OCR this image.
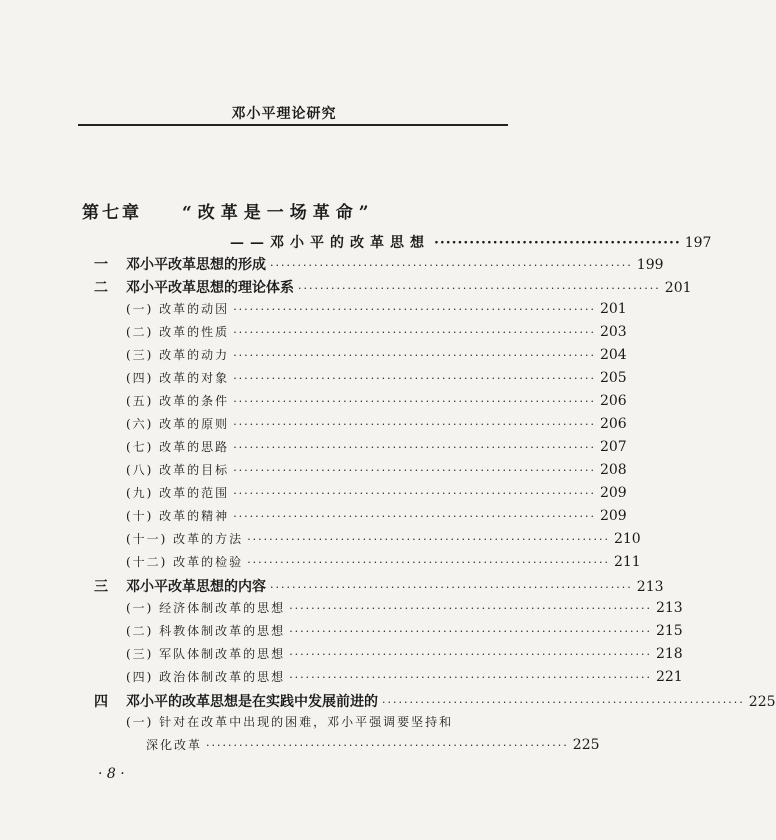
邓小平理论研究
第七章 “改革是一场革命”
——邓小平的改革思想 ·········································· 197
一 邓小平改革思想的形成 ·································································· 199
二 邓小平改革思想的理论体系 ·································································· 201
(一) 改革的动因 ·································································· 201
(二) 改革的性质 ·································································· 203
(三) 改革的动力 ·································································· 204
(四) 改革的对象 ·································································· 205
(五) 改革的条件 ·································································· 206
(六) 改革的原则 ·································································· 206
(七) 改革的思路 ·································································· 207
(八) 改革的目标 ·································································· 208
(九) 改革的范围 ·································································· 209
(十) 改革的精神 ·································································· 209
(十一) 改革的方法 ·································································· 210
(十二) 改革的检验 ·································································· 211
三 邓小平改革思想的内容 ·································································· 213
(一) 经济体制改革的思想 ·································································· 213
(二) 科教体制改革的思想 ·································································· 215
(三) 军队体制改革的思想 ·································································· 218
(四) 政治体制改革的思想 ·································································· 221
四 邓小平的改革思想是在实践中发展前进的 ·································································· 225
(一) 针对在改革中出现的困难，邓小平强调要坚持和
深化改革 ·································································· 225
· 8 ·
